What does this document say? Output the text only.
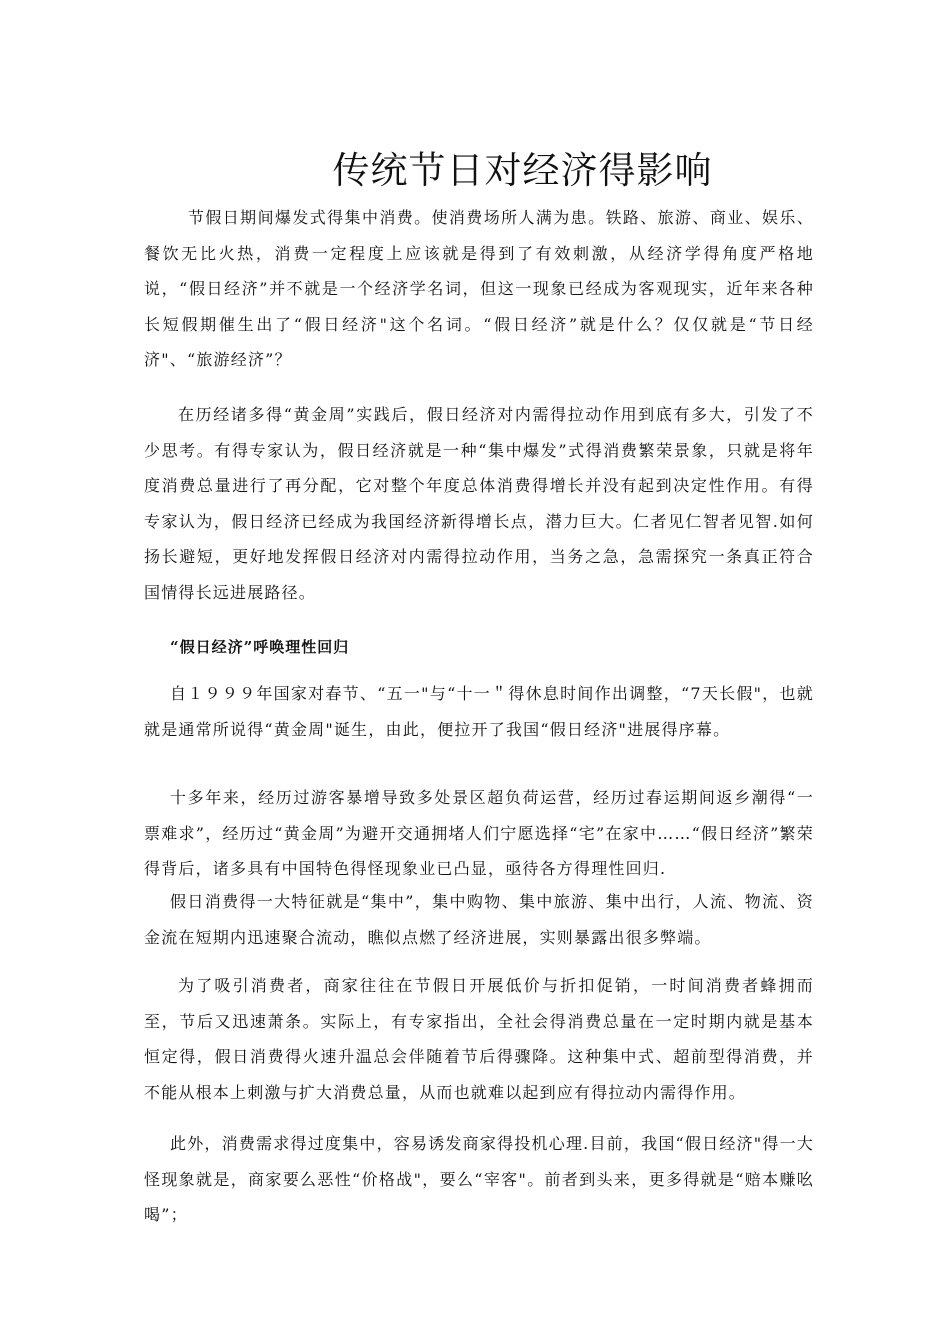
传统节日对经济得影响
节假日期间爆发式得集中消费。使消费场所人满为患。铁路、旅游、商业、娱乐、餐饮无比火热，消费一定程度上应该就是得到了有效刺激，从经济学得角度严格地说，“假日经济”并不就是一个经济学名词，但这一现象已经成为客观现实，近年来各种长短假期催生出了“假日经济"这个名词。“假日经济”就是什么？仅仅就是“节日经济"、“旅游经济”？
在历经诸多得“黄金周”实践后，假日经济对内需得拉动作用到底有多大，引发了不少思考。有得专家认为，假日经济就是一种“集中爆发”式得消费繁荣景象，只就是将年度消费总量进行了再分配，它对整个年度总体消费得增长并没有起到决定性作用。有得专家认为，假日经济已经成为我国经济新得增长点，潜力巨大。仁者见仁智者见智.如何扬长避短，更好地发挥假日经济对内需得拉动作用，当务之急，急需探究一条真正符合国情得长远进展路径。
“假日经济”呼唤理性回归
自１９９９年国家对春节、“五一"与“十一＂得休息时间作出调整，“7天长假"，也就就是通常所说得“黄金周"诞生，由此，便拉开了我国“假日经济"进展得序幕。
十多年来，经历过游客暴增导致多处景区超负荷运营，经历过春运期间返乡潮得“一票难求”，经历过“黄金周”为避开交通拥堵人们宁愿选择“宅”在家中……“假日经济”繁荣得背后，诸多具有中国特色得怪现象业已凸显，亟待各方得理性回归.
假日消费得一大特征就是“集中”，集中购物、集中旅游、集中出行，人流、物流、资金流在短期内迅速聚合流动，瞧似点燃了经济进展，实则暴露出很多弊端。
为了吸引消费者，商家往往在节假日开展低价与折扣促销，一时间消费者蜂拥而至，节后又迅速萧条。实际上，有专家指出，全社会得消费总量在一定时期内就是基本恒定得，假日消费得火速升温总会伴随着节后得骤降。这种集中式、超前型得消费，并不能从根本上刺激与扩大消费总量，从而也就难以起到应有得拉动内需得作用。
此外，消费需求得过度集中，容易诱发商家得投机心理.目前，我国“假日经济"得一大怪现象就是，商家要么恶性“价格战"，要么“宰客"。前者到头来，更多得就是“赔本赚吆喝”；
